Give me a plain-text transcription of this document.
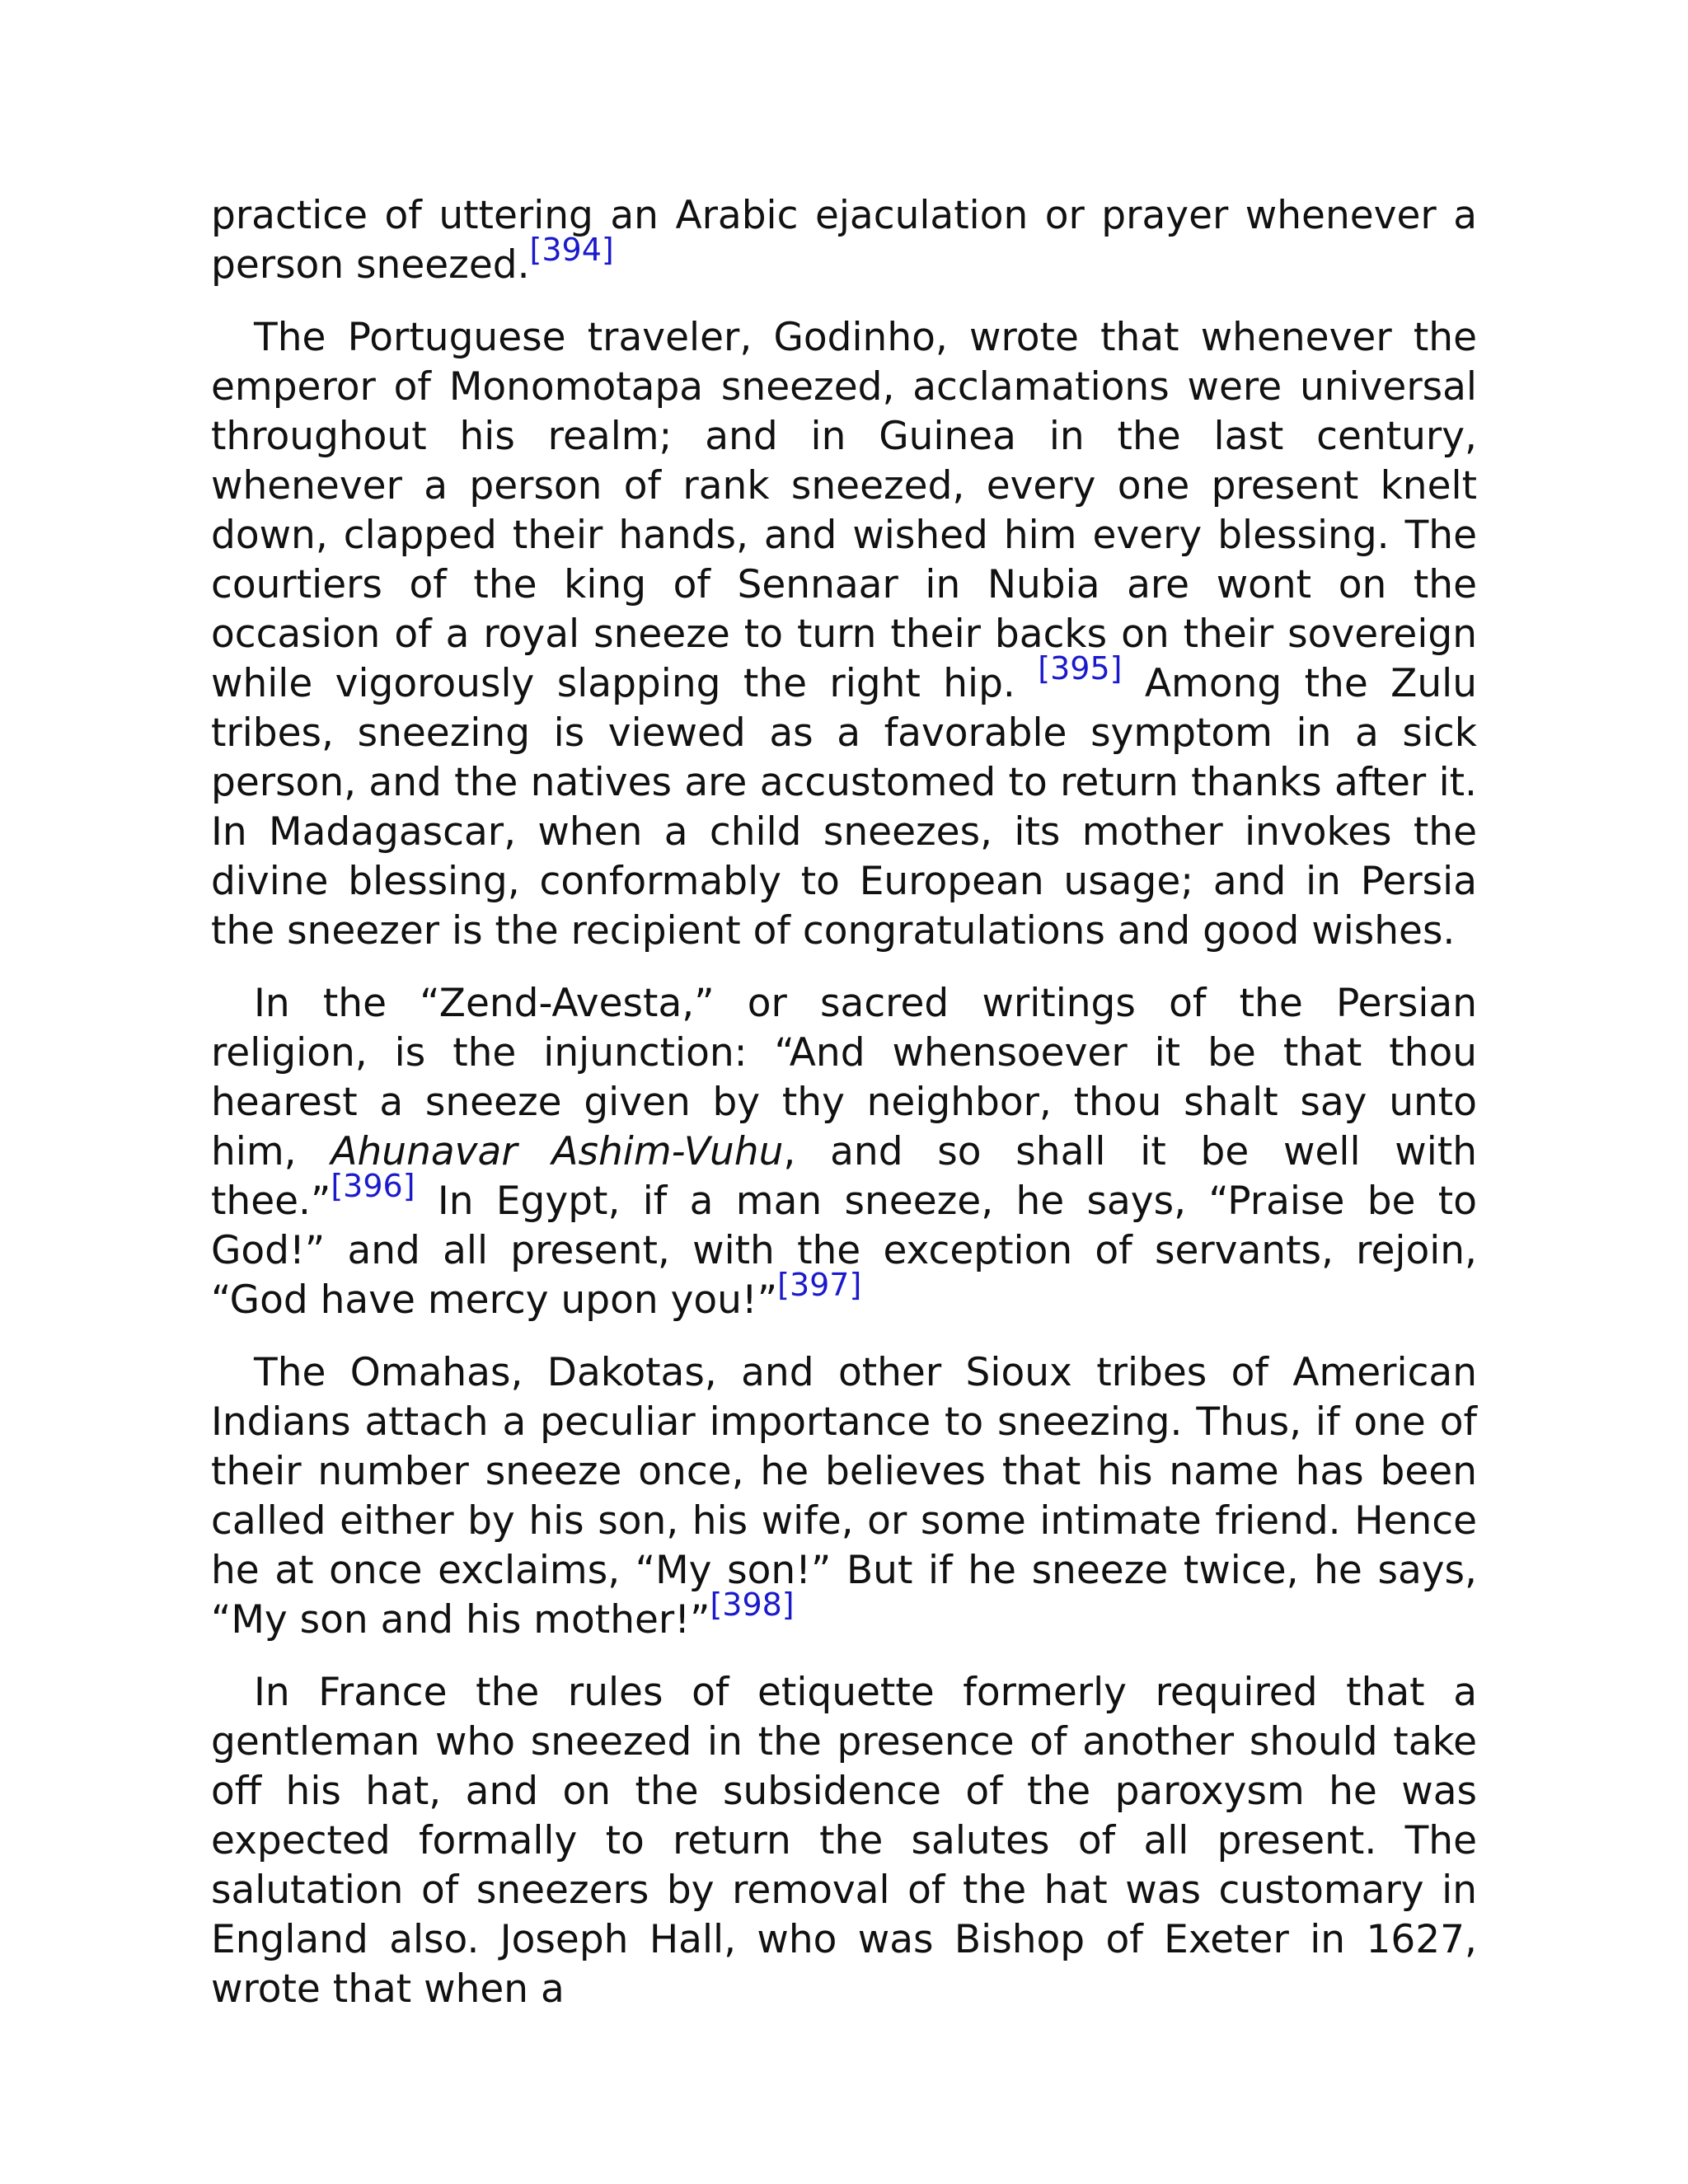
practice of uttering an Arabic ejaculation or prayer whenever a person sneezed.[394]

The Portuguese traveler, Godinho, wrote that whenever the emperor of Monomotapa sneezed, acclamations were universal throughout his realm; and in Guinea in the last century, whenever a person of rank sneezed, every one present knelt down, clapped their hands, and wished him every blessing. The courtiers of the king of Sennaar in Nubia are wont on the occasion of a royal sneeze to turn their backs on their sovereign while vigorously slapping the right hip. [395] Among the Zulu tribes, sneezing is viewed as a favorable symptom in a sick person, and the natives are accustomed to return thanks after it. In Madagascar, when a child sneezes, its mother invokes the divine blessing, conformably to European usage; and in Persia the sneezer is the recipient of congratulations and good wishes.

In the “Zend-Avesta,” or sacred writings of the Persian religion, is the injunction: “And whensoever it be that thou hearest a sneeze given by thy neighbor, thou shalt say unto him, Ahunavar Ashim-Vuhu, and so shall it be well with thee.”[396] In Egypt, if a man sneeze, he says, “Praise be to God!” and all present, with the exception of servants, rejoin, “God have mercy upon you!”[397]

The Omahas, Dakotas, and other Sioux tribes of American Indians attach a peculiar importance to sneezing. Thus, if one of their number sneeze once, he believes that his name has been called either by his son, his wife, or some intimate friend. Hence he at once exclaims, “My son!” But if he sneeze twice, he says, “My son and his mother!”[398]

In France the rules of etiquette formerly required that a gentleman who sneezed in the presence of another should take off his hat, and on the subsidence of the paroxysm he was expected formally to return the salutes of all present. The salutation of sneezers by removal of the hat was customary in England also. Joseph Hall, who was Bishop of Exeter in 1627, wrote that when a
